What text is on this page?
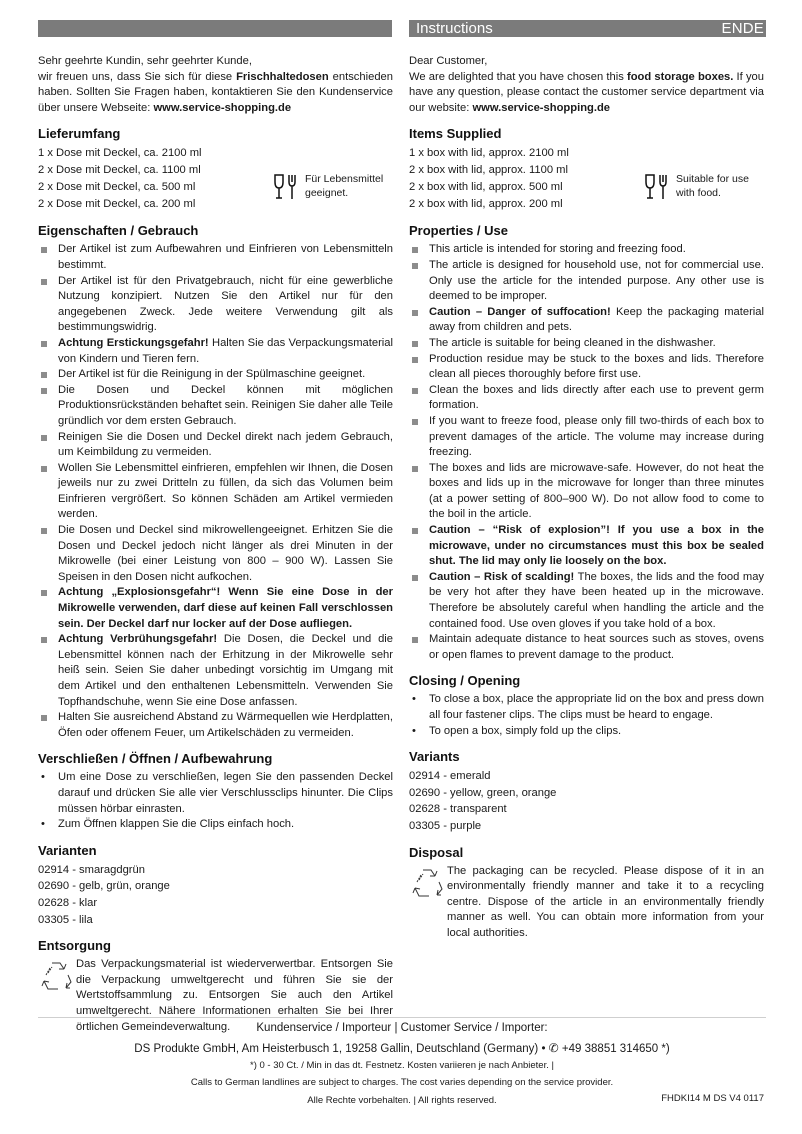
Instructions	ENDE

Sehr geehrte Kundin, sehr geehrter Kunde,

wir freuen uns, dass Sie sich für diese Frischhaltedosen entschieden haben. Sollten Sie Fragen haben, kontaktieren Sie den Kundenservice über unsere Webseite: www.service-shopping.de

Lieferumfang
1 x Dose mit Deckel, ca. 2100 ml
2 x Dose mit Deckel, ca. 1100 ml
2 x Dose mit Deckel, ca. 500 ml
2 x Dose mit Deckel, ca. 200 ml
Für Lebensmittel geeignet.
Eigenschaften / Gebrauch
Der Artikel ist zum Aufbewahren und Einfrieren von Lebensmitteln bestimmt.
Der Artikel ist für den Privatgebrauch, nicht für eine gewerbliche Nutzung konzipiert. Nutzen Sie den Artikel nur für den angegebenen Zweck. Jede weitere Verwendung gilt als bestimmungswidrig.
Achtung Erstickungsgefahr! Halten Sie das Verpackungsmaterial von Kindern und Tieren fern.
Der Artikel ist für die Reinigung in der Spülmaschine geeignet.
Die Dosen und Deckel können mit möglichen Produktionsrückständen behaftet sein. Reinigen Sie daher alle Teile gründlich vor dem ersten Gebrauch.
Reinigen Sie die Dosen und Deckel direkt nach jedem Gebrauch, um Keimbildung zu vermeiden.
Wollen Sie Lebensmittel einfrieren, empfehlen wir Ihnen, die Dosen jeweils nur zu zwei Dritteln zu füllen, da sich das Volumen beim Einfrieren vergrößert. So können Schäden am Artikel vermieden werden.
Die Dosen und Deckel sind mikrowellengeeignet. Erhitzen Sie die Dosen und Deckel jedoch nicht länger als drei Minuten in der Mikrowelle (bei einer Leistung von 800 – 900 W). Lassen Sie Speisen in den Dosen nicht aufkochen.
Achtung „Explosionsgefahr“! Wenn Sie eine Dose in der Mikrowelle verwenden, darf diese auf keinen Fall verschlossen sein. Der Deckel darf nur locker auf der Dose aufliegen.
Achtung Verbrühungsgefahr! Die Dosen, die Deckel und die Lebensmittel können nach der Erhitzung in der Mikrowelle sehr heiß sein. Seien Sie daher unbedingt vorsichtig im Umgang mit dem Artikel und den enthaltenen Lebensmitteln. Verwenden Sie Topfhandschuhe, wenn Sie eine Dose anfassen.
Halten Sie ausreichend Abstand zu Wärmequellen wie Herdplatten, Öfen oder offenem Feuer, um Artikelschäden zu vermeiden.
Verschließen / Öffnen / Aufbewahrung
• Um eine Dose zu verschließen, legen Sie den passenden Deckel darauf und drücken Sie alle vier Verschlussclips hinunter. Die Clips müssen hörbar einrasten.
• Zum Öffnen klappen Sie die Clips einfach hoch.
Varianten
02914 - smaragdgrün
02690 - gelb, grün, orange
02628 - klar
03305 - lila
Entsorgung

Das Verpackungsmaterial ist wiederverwertbar. Entsorgen Sie die Verpackung umweltgerecht und führen Sie sie der Wertstoffsammlung zu. Entsorgen Sie auch den Artikel umweltgerecht. Nähere Informationen erhalten Sie bei Ihrer örtlichen Gemeindeverwaltung.

Dear Customer,

We are delighted that you have chosen this food storage boxes. If you have any question, please contact the customer service department via our website: www.service-shopping.de

Items Supplied
1 x box with lid, approx. 2100 ml
2 x box with lid, approx. 1100 ml
2 x box with lid, approx. 500 ml
2 x box with lid, approx. 200 ml
Suitable for use with food.
Properties / Use
This article is intended for storing and freezing food.
The article is designed for household use, not for commercial use. Only use the article for the intended purpose. Any other use is deemed to be improper.
Caution – Danger of suffocation! Keep the packaging material away from children and pets.
The article is suitable for being cleaned in the dishwasher.
Production residue may be stuck to the boxes and lids. Therefore clean all pieces thoroughly before first use.
Clean the boxes and lids directly after each use to prevent germ formation.
If you want to freeze food, please only fill two-thirds of each box to prevent damages of the article. The volume may increase during freezing.
The boxes and lids are microwave-safe. However, do not heat the boxes and lids up in the microwave for longer than three minutes (at a power setting of 800–900 W). Do not allow food to come to the boil in the article.
Caution – “Risk of explosion”! If you use a box in the microwave, under no circumstances must this box be sealed shut. The lid may only lie loosely on the box.
Caution – Risk of scalding! The boxes, the lids and the food may be very hot after they have been heated up in the microwave. Therefore be absolutely careful when handling the article and the contained food. Use oven gloves if you take hold of a box.
Maintain adequate distance to heat sources such as stoves, ovens or open flames to prevent damage to the product.
Closing / Opening
• To close a box, place the appropriate lid on the box and press down all four fastener clips. The clips must be heard to engage.
• To open a box, simply fold up the clips.
Variants
02914 - emerald
02690 - yellow, green, orange
02628 - transparent
03305 - purple
Disposal

The packaging can be recycled. Please dispose of it in an environmentally friendly manner and take it to a recycling centre. Dispose of the article in an environmentally friendly manner as well. You can obtain more information from your local authorities.

Kundenservice / Importeur | Customer Service / Importer:
DS Produkte GmbH, Am Heisterbusch 1, 19258 Gallin, Deutschland (Germany) • ✆ +49 38851 314650 *)
*) 0 - 30 Ct. / Min in das dt. Festnetz. Kosten variieren je nach Anbieter. |
Calls to German landlines are subject to charges. The cost varies depending on the service provider.
Alle Rechte vorbehalten. | All rights reserved.	FHDKI14 M DS V4 0117
